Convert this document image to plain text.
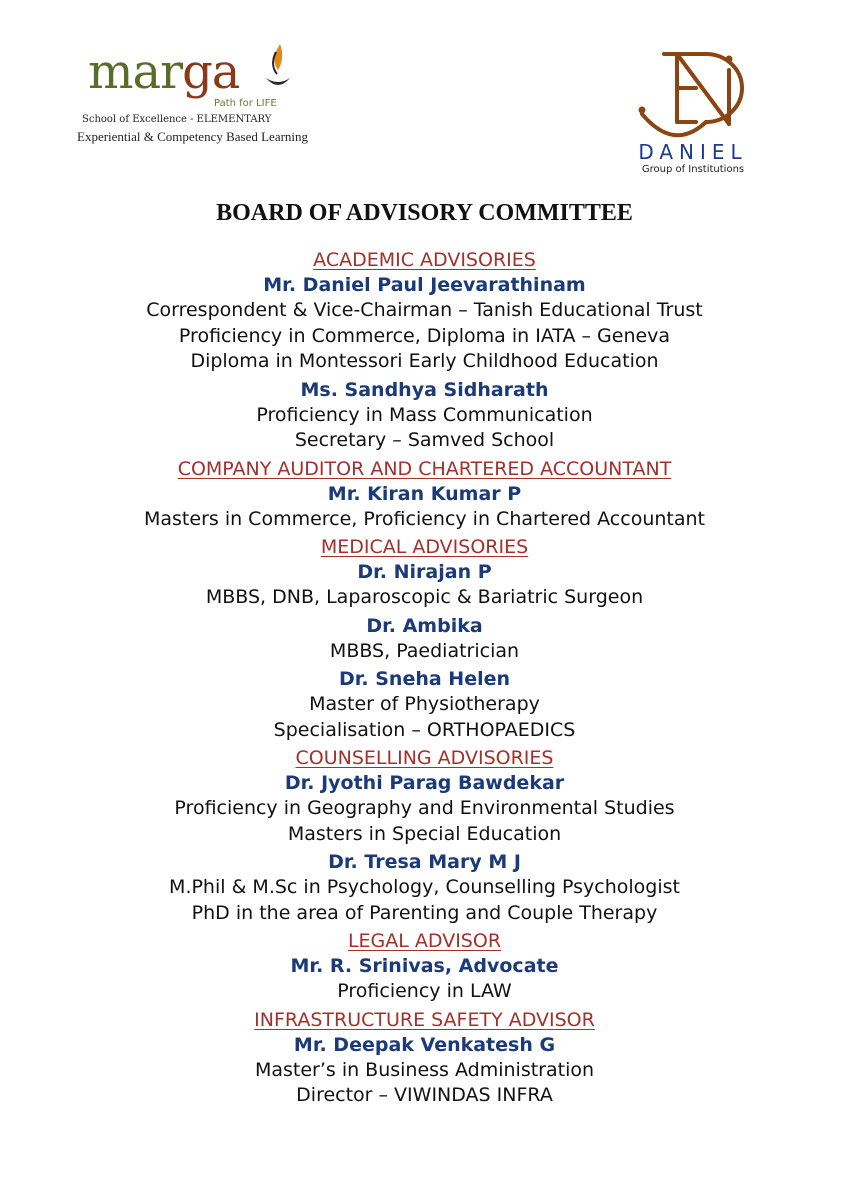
marga
Path for LIFE
School of Excellence - ELEMENTARY
Experiential & Competency Based Learning
DANIEL
Group of Institutions
BOARD OF ADVISORY COMMITTEE
ACADEMIC ADVISORIES
Mr. Daniel Paul Jeevarathinam
Correspondent & Vice-Chairman – Tanish Educational Trust
Proficiency in Commerce, Diploma in IATA – Geneva
Diploma in Montessori Early Childhood Education
Ms. Sandhya Sidharath
Proficiency in Mass Communication
Secretary – Samved School
COMPANY AUDITOR AND CHARTERED ACCOUNTANT
Mr. Kiran Kumar P
Masters in Commerce, Proficiency in Chartered Accountant
MEDICAL ADVISORIES
Dr. Nirajan P
MBBS, DNB, Laparoscopic & Bariatric Surgeon
Dr. Ambika
MBBS, Paediatrician
Dr. Sneha Helen
Master of Physiotherapy
Specialisation – ORTHOPAEDICS
COUNSELLING ADVISORIES
Dr. Jyothi Parag Bawdekar
Proficiency in Geography and Environmental Studies
Masters in Special Education
Dr. Tresa Mary M J
M.Phil & M.Sc in Psychology, Counselling Psychologist
PhD in the area of Parenting and Couple Therapy
LEGAL ADVISOR
Mr. R. Srinivas, Advocate
Proficiency in LAW
INFRASTRUCTURE SAFETY ADVISOR
Mr. Deepak Venkatesh G
Master’s in Business Administration
Director – VIWINDAS INFRA
